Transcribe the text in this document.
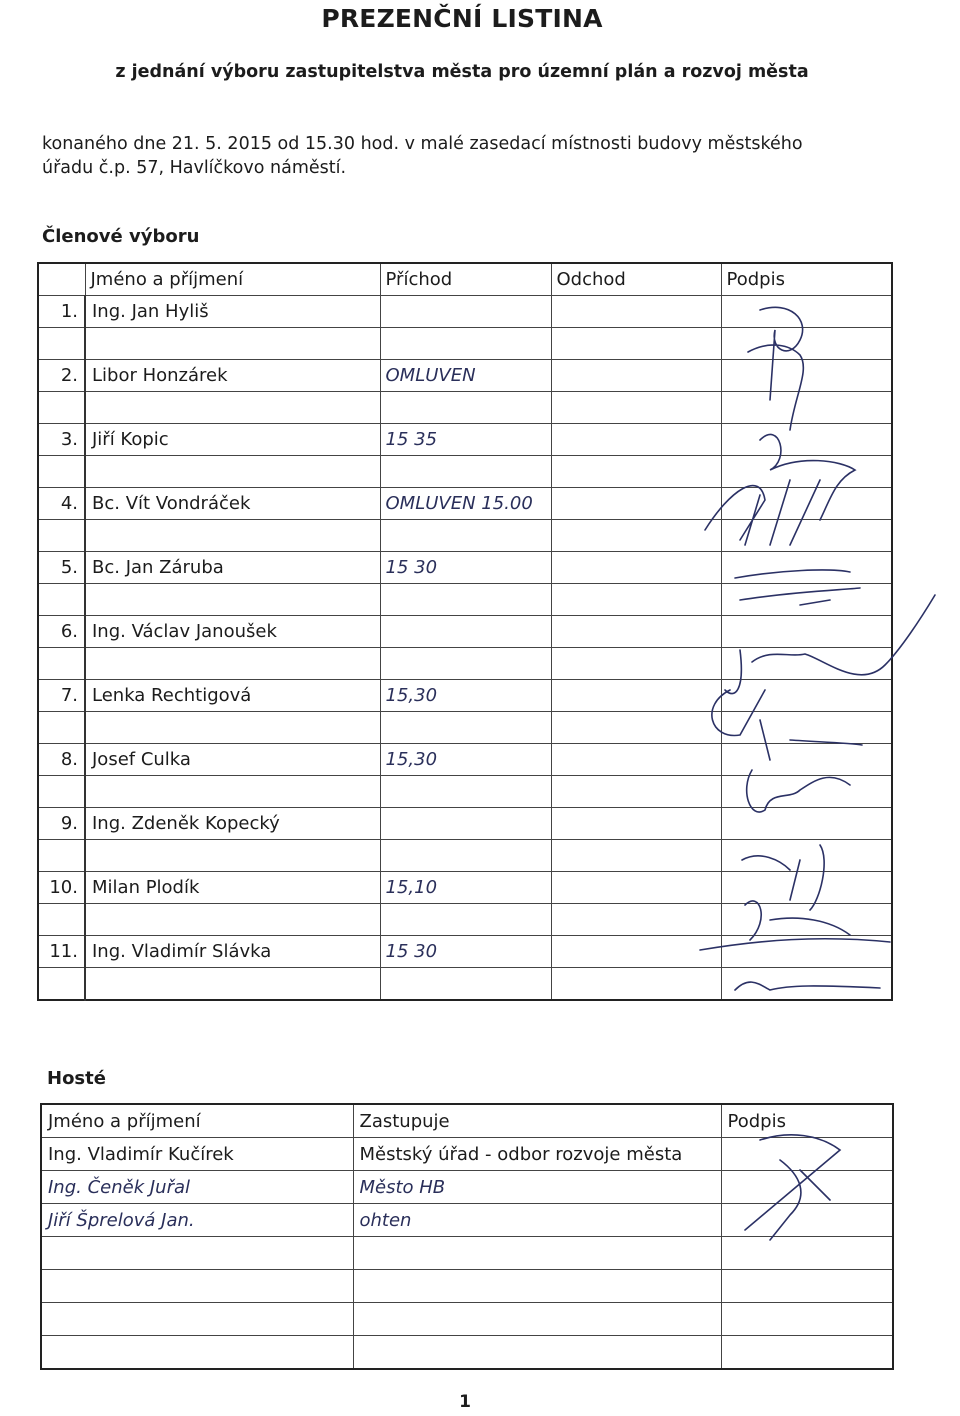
PREZENČNÍ LISTINA
z jednání výboru zastupitelstva města pro územní plán a rozvoj města
konaného dne 21. 5. 2015 od 15.30 hod. v malé zasedací místnosti budovy městského
úřadu č.p. 57, Havlíčkovo náměstí.
Členové výboru
	Jméno a příjmení	Příchod	Odchod	Podpis
1.	Ing. Jan Hyliš			

2.	Libor Honzárek	OMLUVEN		

3.	Jiří Kopic	15 35		

4.	Bc. Vít Vondráček	OMLUVEN 15.00		

5.	Bc. Jan Záruba	15 30		

6.	Ing. Václav Janoušek			

7.	Lenka Rechtigová	15,30		

8.	Josef Culka	15,30		

9.	Ing. Zdeněk Kopecký			

10.	Milan Plodík	15,10		

11.	Ing. Vladimír Slávka	15 30		

Hosté
Jméno a příjmení	Zastupuje	Podpis
Ing. Vladimír Kučírek	Městský úřad - odbor rozvoje města	
Ing. Čeněk Juřal	Město HB	
Jiří Šprelová Jan.	ohten	

1
